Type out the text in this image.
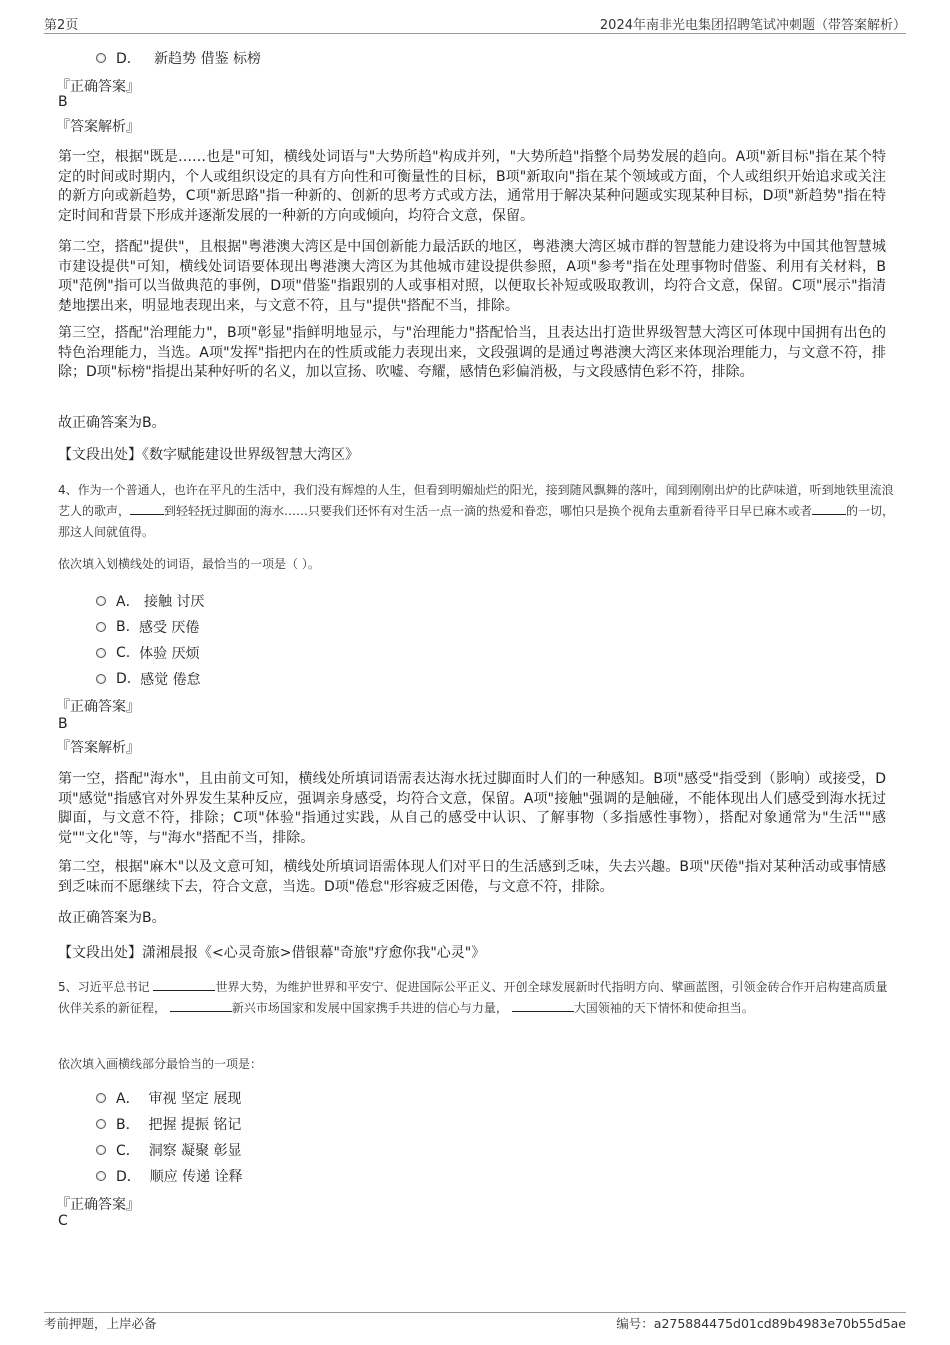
第2页	2024年南非光电集团招聘笔试冲刺题（带答案解析）
D．
新趋势 借鉴 标榜
『正确答案』
B
『答案解析』
第一空，根据"既是……也是"可知，横线处词语与"大势所趋"构成并列，"大势所趋"指整个局势发展的趋向。A项"新目标"指在某个特定的时间或时期内，个人或组织设定的具有方向性和可衡量性的目标，B项"新取向"指在某个领域或方面，个人或组织开始追求或关注的新方向或新趋势，C项"新思路"指一种新的、创新的思考方式或方法，通常用于解决某种问题或实现某种目标，D项"新趋势"指在特定时间和背景下形成并逐渐发展的一种新的方向或倾向，均符合文意，保留。
第二空，搭配"提供"，且根据"粤港澳大湾区是中国创新能力最活跃的地区，粤港澳大湾区城市群的智慧能力建设将为中国其他智慧城市建设提供"可知，横线处词语要体现出粤港澳大湾区为其他城市建设提供参照，A项"参考"指在处理事物时借鉴、利用有关材料，B项"范例"指可以当做典范的事例，D项"借鉴"指跟别的人或事相对照，以便取长补短或吸取教训，均符合文意，保留。C项"展示"指清楚地摆出来，明显地表现出来，与文意不符，且与"提供"搭配不当，排除。
第三空，搭配"治理能力"，B项"彰显"指鲜明地显示，与"治理能力"搭配恰当，且表达出打造世界级智慧大湾区可体现中国拥有出色的特色治理能力，当选。A项"发挥"指把内在的性质或能力表现出来，文段强调的是通过粤港澳大湾区来体现治理能力，与文意不符，排除；D项"标榜"指提出某种好听的名义，加以宣扬、吹嘘、夸耀，感情色彩偏消极，与文段感情色彩不符，排除。
故正确答案为B。
【文段出处】《数字赋能建设世界级智慧大湾区》
4、作为一个普通人，也许在平凡的生活中，我们没有辉煌的人生，但看到明媚灿烂的阳光，接到随风飘舞的落叶，闻到刚刚出炉的比萨味道，听到地铁里流浪艺人的歌声，	到轻轻抚过脚面的海水……只要我们还怀有对生活一点一滴的热爱和眷恋，哪怕只是换个视角去重新看待平日早已麻木或者	的一切，那这人间就值得。
依次填入划横线处的词语，最恰当的一项是（ ）。
A．
接触 讨厌
B.
感受 厌倦
C.
体验 厌烦
D.
感觉 倦怠
『正确答案』
B
『答案解析』
第一空，搭配"海水"，且由前文可知，横线处所填词语需表达海水抚过脚面时人们的一种感知。B项"感受"指受到（影响）或接受，D项"感觉"指感官对外界发生某种反应，强调亲身感受，均符合文意，保留。A项"接触"强调的是触碰，不能体现出人们感受到海水抚过脚面，与文意不符，排除；C项"体验"指通过实践，从自己的感受中认识、了解事物（多指感性事物），搭配对象通常为"生活""感觉""文化"等，与"海水"搭配不当，排除。
第二空，根据"麻木"以及文意可知，横线处所填词语需体现人们对平日的生活感到乏味，失去兴趣。B项"厌倦"指对某种活动或事情感到乏味而不愿继续下去，符合文意，当选。D项"倦怠"形容疲乏困倦，与文意不符，排除。
故正确答案为B。
【文段出处】潇湘晨报《<心灵奇旅>借银幕"奇旅"疗愈你我"心灵"》
5、习近平总书记	世界大势，为维护世界和平安宁、促进国际公平正义、开创全球发展新时代指明方向、擘画蓝图，引领金砖合作开启构建高质量伙伴关系的新征程，	新兴市场国家和发展中国家携手共进的信心与力量，	大国领袖的天下情怀和使命担当。
依次填入画横线部分最恰当的一项是：
A．
审视 坚定 展现
B．
把握 提振 铭记
C．
洞察 凝聚 彰显
D．
顺应 传递 诠释
『正确答案』
C
考前押题，上岸必备	编号：a275884475d01cd89b4983e70b55d5ae
